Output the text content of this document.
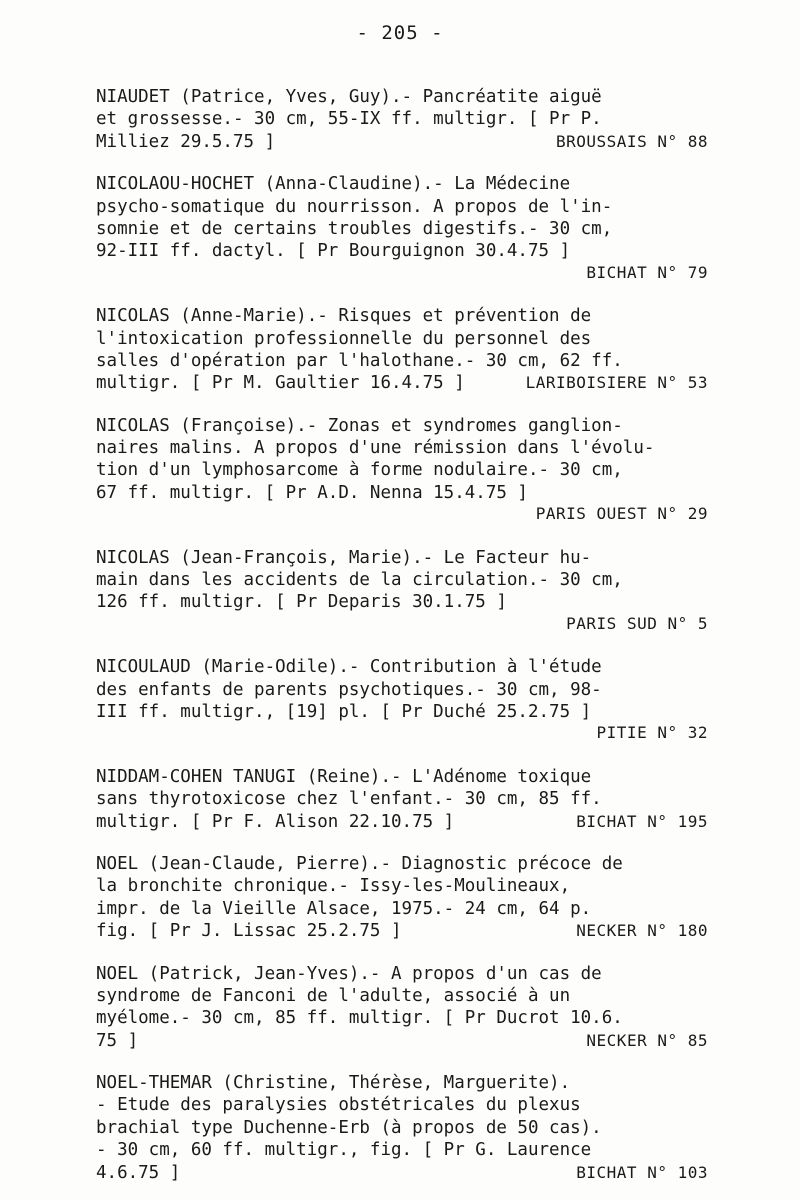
- 205 -
NIAUDET (Patrice, Yves, Guy).- Pancréatite aiguë
et grossesse.- 30 cm, 55-IX ff. multigr. [ Pr P.
Milliez 29.5.75 ]	BROUSSAIS N° 88
NICOLAOU-HOCHET (Anna-Claudine).- La Médecine
psycho-somatique du nourrisson. A propos de l'in-
somnie et de certains troubles digestifs.- 30 cm,
92-III ff. dactyl. [ Pr Bourguignon 30.4.75 ]
BICHAT N° 79
NICOLAS (Anne-Marie).- Risques et prévention de
l'intoxication professionnelle du personnel des
salles d'opération par l'halothane.- 30 cm, 62 ff.
multigr. [ Pr M. Gaultier 16.4.75 ]	LARIBOISIERE N° 53
NICOLAS (Françoise).- Zonas et syndromes ganglion-
naires malins. A propos d'une rémission dans l'évolu-
tion d'un lymphosarcome à forme nodulaire.- 30 cm,
67 ff. multigr. [ Pr A.D. Nenna 15.4.75 ]
PARIS OUEST N° 29
NICOLAS (Jean-François, Marie).- Le Facteur hu-
main dans les accidents de la circulation.- 30 cm,
126 ff. multigr. [ Pr Deparis 30.1.75 ]
PARIS SUD N° 5
NICOULAUD (Marie-Odile).- Contribution à l'étude
des enfants de parents psychotiques.- 30 cm, 98-
III ff. multigr., [19] pl. [ Pr Duché 25.2.75 ]
PITIE N° 32
NIDDAM-COHEN TANUGI (Reine).- L'Adénome toxique
sans thyrotoxicose chez l'enfant.- 30 cm, 85 ff.
multigr. [ Pr F. Alison 22.10.75 ]	BICHAT N° 195
NOEL (Jean-Claude, Pierre).- Diagnostic précoce de
la bronchite chronique.- Issy-les-Moulineaux,
impr. de la Vieille Alsace, 1975.- 24 cm, 64 p.
fig. [ Pr J. Lissac 25.2.75 ]	NECKER N° 180
NOEL (Patrick, Jean-Yves).- A propos d'un cas de
syndrome de Fanconi de l'adulte, associé à un
myélome.- 30 cm, 85 ff. multigr. [ Pr Ducrot 10.6.
75 ]	NECKER N° 85
NOEL-THEMAR (Christine, Thérèse, Marguerite).
- Etude des paralysies obstétricales du plexus
brachial type Duchenne-Erb (à propos de 50 cas).
- 30 cm, 60 ff. multigr., fig. [ Pr G. Laurence
4.6.75 ]	BICHAT N° 103
